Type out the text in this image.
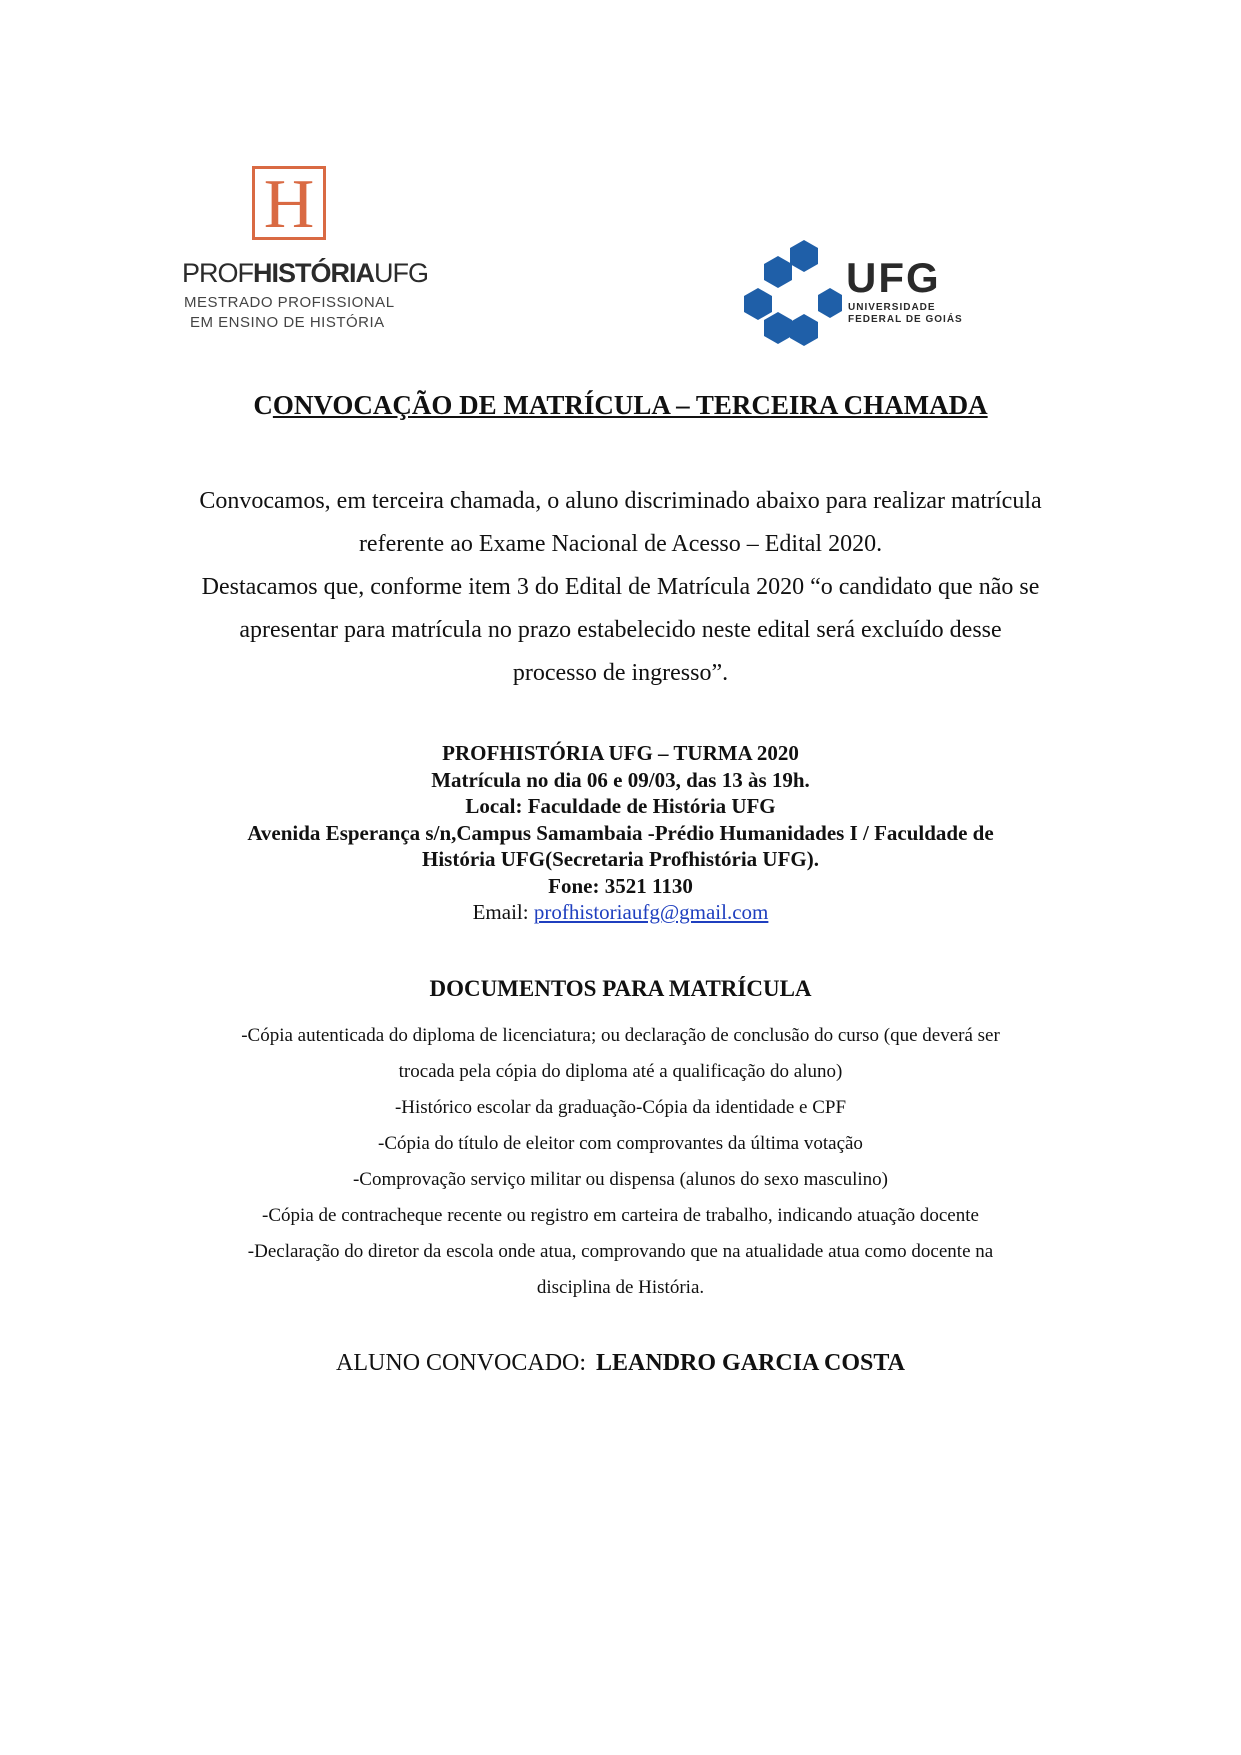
H
PROFHISTÓRIAUFG
MESTRADO PROFISSIONAL
EM ENSINO DE HISTÓRIA
UFG
UNIVERSIDADE
FEDERAL DE GOIÁS
CONVOCAÇÃO DE MATRÍCULA – TERCEIRA CHAMADA

Convocamos, em terceira chamada, o aluno discriminado abaixo para realizar matrícula

referente ao Exame Nacional de Acesso – Edital 2020.

Destacamos que, conforme item 3 do Edital de Matrícula 2020 “o candidato que não se

apresentar para matrícula no prazo estabelecido neste edital será excluído desse

processo de ingresso”.

PROFHISTÓRIA UFG – TURMA 2020

Matrícula no dia 06 e 09/03, das 13 às 19h.

Local: Faculdade de História UFG

Avenida Esperança s/n,Campus Samambaia -Prédio Humanidades I / Faculdade de

História UFG(Secretaria Profhistória UFG).

Fone: 3521 1130

Email: profhistoriaufg@gmail.com

DOCUMENTOS PARA MATRÍCULA

-Cópia autenticada do diploma de licenciatura; ou declaração de conclusão do curso (que deverá ser

trocada pela cópia do diploma até a qualificação do aluno)

-Histórico escolar da graduação-Cópia da identidade e CPF

-Cópia do título de eleitor com comprovantes da última votação

-Comprovação serviço militar ou dispensa (alunos do sexo masculino)

-Cópia de contracheque recente ou registro em carteira de trabalho, indicando atuação docente

-Declaração do diretor da escola onde atua, comprovando que na atualidade atua como docente na

disciplina de História.

ALUNO CONVOCADO: LEANDRO GARCIA COSTA
